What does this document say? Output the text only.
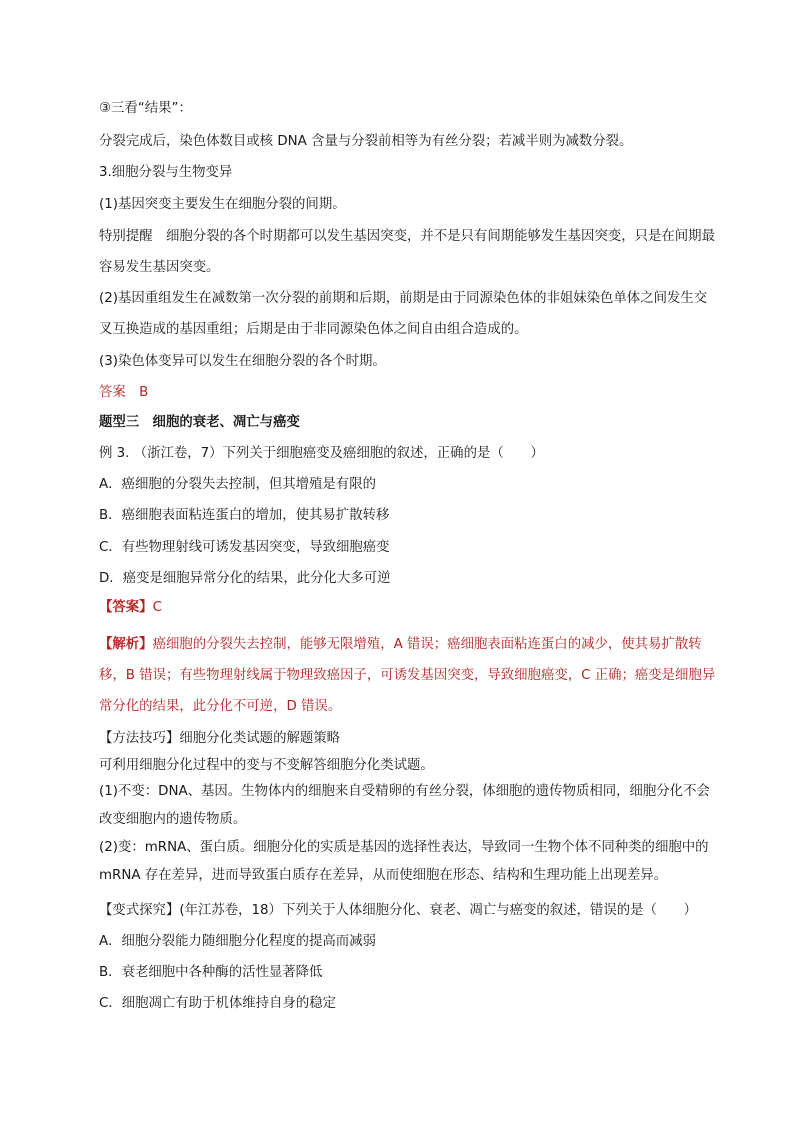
③三看“结果”：
分裂完成后，染色体数目或核 DNA 含量与分裂前相等为有丝分裂；若减半则为减数分裂。
3.细胞分裂与生物变异
(1)基因突变主要发生在细胞分裂的间期。
特别提醒　细胞分裂的各个时期都可以发生基因突变，并不是只有间期能够发生基因突变，只是在间期最容易发生基因突变。
(2)基因重组发生在减数第一次分裂的前期和后期，前期是由于同源染色体的非姐妹染色单体之间发生交叉互换造成的基因重组；后期是由于非同源染色体之间自由组合造成的。
(3)染色体变异可以发生在细胞分裂的各个时期。
答案　B
题型三　细胞的衰老、凋亡与癌变
例 3. （浙江卷，7）下列关于细胞癌变及癌细胞的叙述，正确的是（　　）
A．癌细胞的分裂失去控制，但其增殖是有限的
B．癌细胞表面粘连蛋白的增加，使其易扩散转移
C．有些物理射线可诱发基因突变，导致细胞癌变
D．癌变是细胞异常分化的结果，此分化大多可逆
【答案】C
【解析】癌细胞的分裂失去控制，能够无限增殖，A 错误；癌细胞表面粘连蛋白的减少，使其易扩散转移，B 错误；有些物理射线属于物理致癌因子，可诱发基因突变，导致细胞癌变，C 正确；癌变是细胞异常分化的结果，此分化不可逆，D 错误。
【方法技巧】细胞分化类试题的解题策略
可利用细胞分化过程中的变与不变解答细胞分化类试题。
(1)不变：DNA、基因。生物体内的细胞来自受精卵的有丝分裂，体细胞的遗传物质相同，细胞分化不会改变细胞内的遗传物质。
(2)变：mRNA、蛋白质。细胞分化的实质是基因的选择性表达，导致同一生物个体不同种类的细胞中的mRNA 存在差异，进而导致蛋白质存在差异，从而使细胞在形态、结构和生理功能上出现差异。
【变式探究】(年江苏卷，18）下列关于人体细胞分化、衰老、凋亡与癌变的叙述，错误的是（　　）
A．细胞分裂能力随细胞分化程度的提高而减弱
B．衰老细胞中各种酶的活性显著降低
C．细胞凋亡有助于机体维持自身的稳定
